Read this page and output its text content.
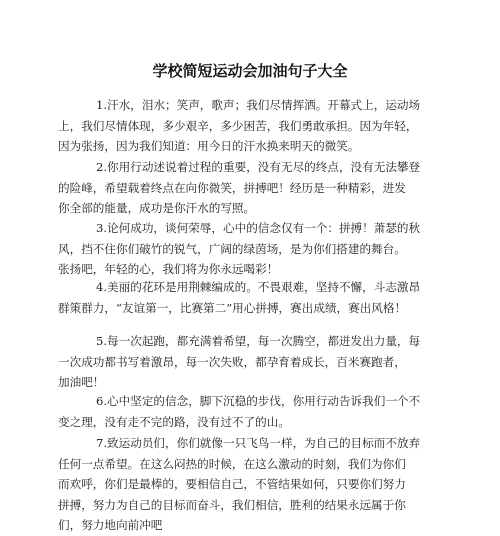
学校简短运动会加油句子大全
1.汗水，泪水；笑声，歌声；我们尽情挥洒。开幕式上，运动场
上，我们尽情体现，多少艰辛，多少困苦，我们勇敢承担。因为年轻，
因为张扬，因为我们知道：用今日的汗水换来明天的微笑。
2.你用行动述说着过程的重要，没有无尽的终点，没有无法攀登
的险峰，希望载着终点在向你微笑，拼搏吧！经历是一种精彩，进发
你全部的能量，成功是你汗水的写照。
3.论何成功，谈何荣辱，心中的信念仅有一个：拼搏！萧瑟的秋
风，挡不住你们破竹的锐气，广阔的绿茵场，是为你们搭建的舞台。
张扬吧，年轻的心，我们将为你永远喝彩！
4.美丽的花环是用荆棘编成的。不畏艰难，坚持不懈，斗志激昂
群策群力，“友谊第一，比赛第二”用心拼搏，赛出成绩，赛出风格！
5.每一次起跑，都充满着希望，每一次腾空，都迸发出力量，每
一次成功都书写着激昂，每一次失败，都孕育着成长，百米赛跑者，
加油吧！
6.心中坚定的信念，脚下沉稳的步伐，你用行动告诉我们一个不
变之理，没有走不完的路，没有过不了的山。
7.致运动员们，你们就像一只飞鸟一样，为自己的目标而不放弃
任何一点希望。在这么闷热的时候，在这么激动的时刻，我们为你们
而欢呼，你们是最棒的，要相信自己，不管结果如何，只要你们努力
拼搏，努力为自己的目标而奋斗，我们相信，胜利的结果永远属于你
们，努力地向前冲吧
